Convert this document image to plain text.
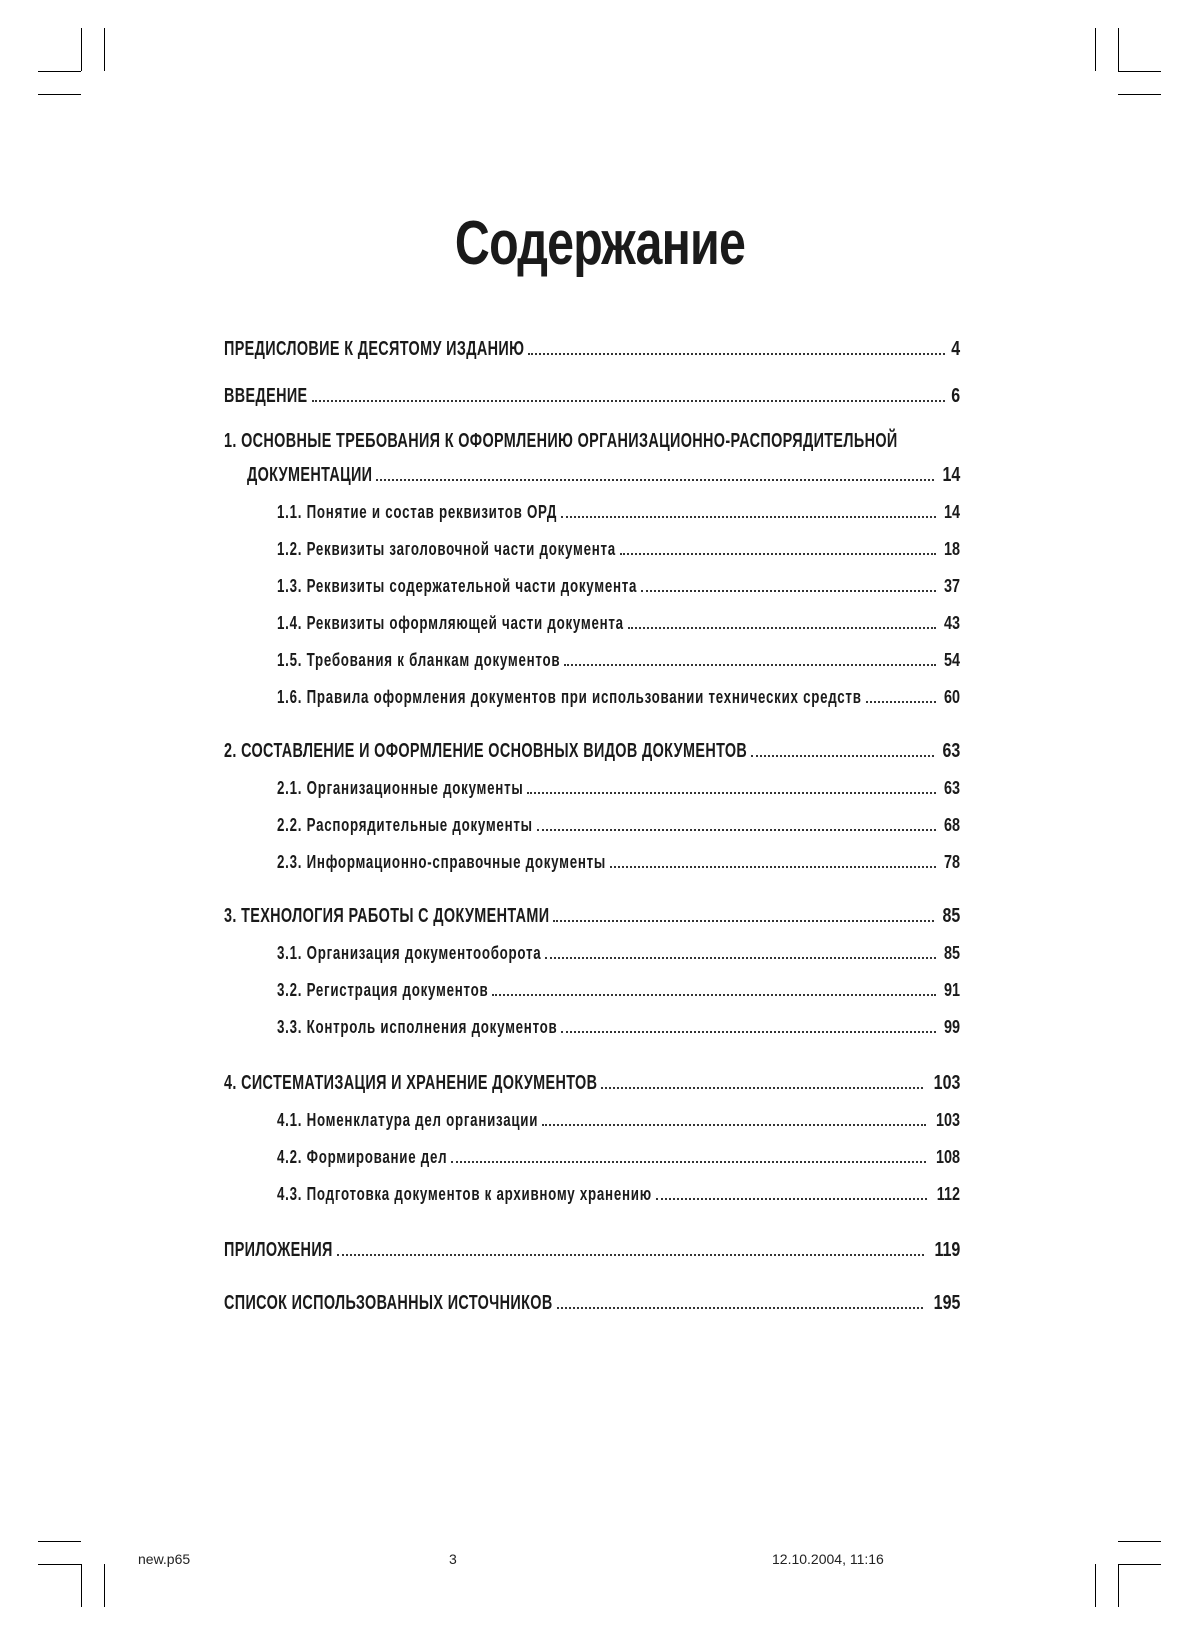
Содержание
ПРЕДИСЛОВИЕ К ДЕСЯТОМУ ИЗДАНИЮ	4
ВВЕДЕНИЕ	6
1. ОСНОВНЫЕ ТРЕБОВАНИЯ К ОФОРМЛЕНИЮ ОРГАНИЗАЦИОННО-РАСПОРЯДИТЕЛЬНОЙ
ДОКУМЕНТАЦИИ	14
1.1. Понятие и состав реквизитов ОРД	14
1.2. Реквизиты заголовочной части документа	18
1.3. Реквизиты содержательной части документа	37
1.4. Реквизиты оформляющей части документа	43
1.5. Требования к бланкам документов	54
1.6. Правила оформления документов при использовании технических средств	60
2. СОСТАВЛЕНИЕ И ОФОРМЛЕНИЕ ОСНОВНЫХ ВИДОВ ДОКУМЕНТОВ	63
2.1. Организационные документы	63
2.2. Распорядительные документы	68
2.3. Информационно-справочные документы	78
3. ТЕХНОЛОГИЯ РАБОТЫ С ДОКУМЕНТАМИ	85
3.1. Организация документооборота	85
3.2. Регистрация документов	91
3.3. Контроль исполнения документов	99
4. СИСТЕМАТИЗАЦИЯ И ХРАНЕНИЕ ДОКУМЕНТОВ	103
4.1. Номенклатура дел организации	103
4.2. Формирование дел	108
4.3. Подготовка документов к архивному хранению	112
ПРИЛОЖЕНИЯ	119
СПИСОК ИСПОЛЬЗОВАННЫХ ИСТОЧНИКОВ	195
new.p65	3	12.10.2004, 11:16
